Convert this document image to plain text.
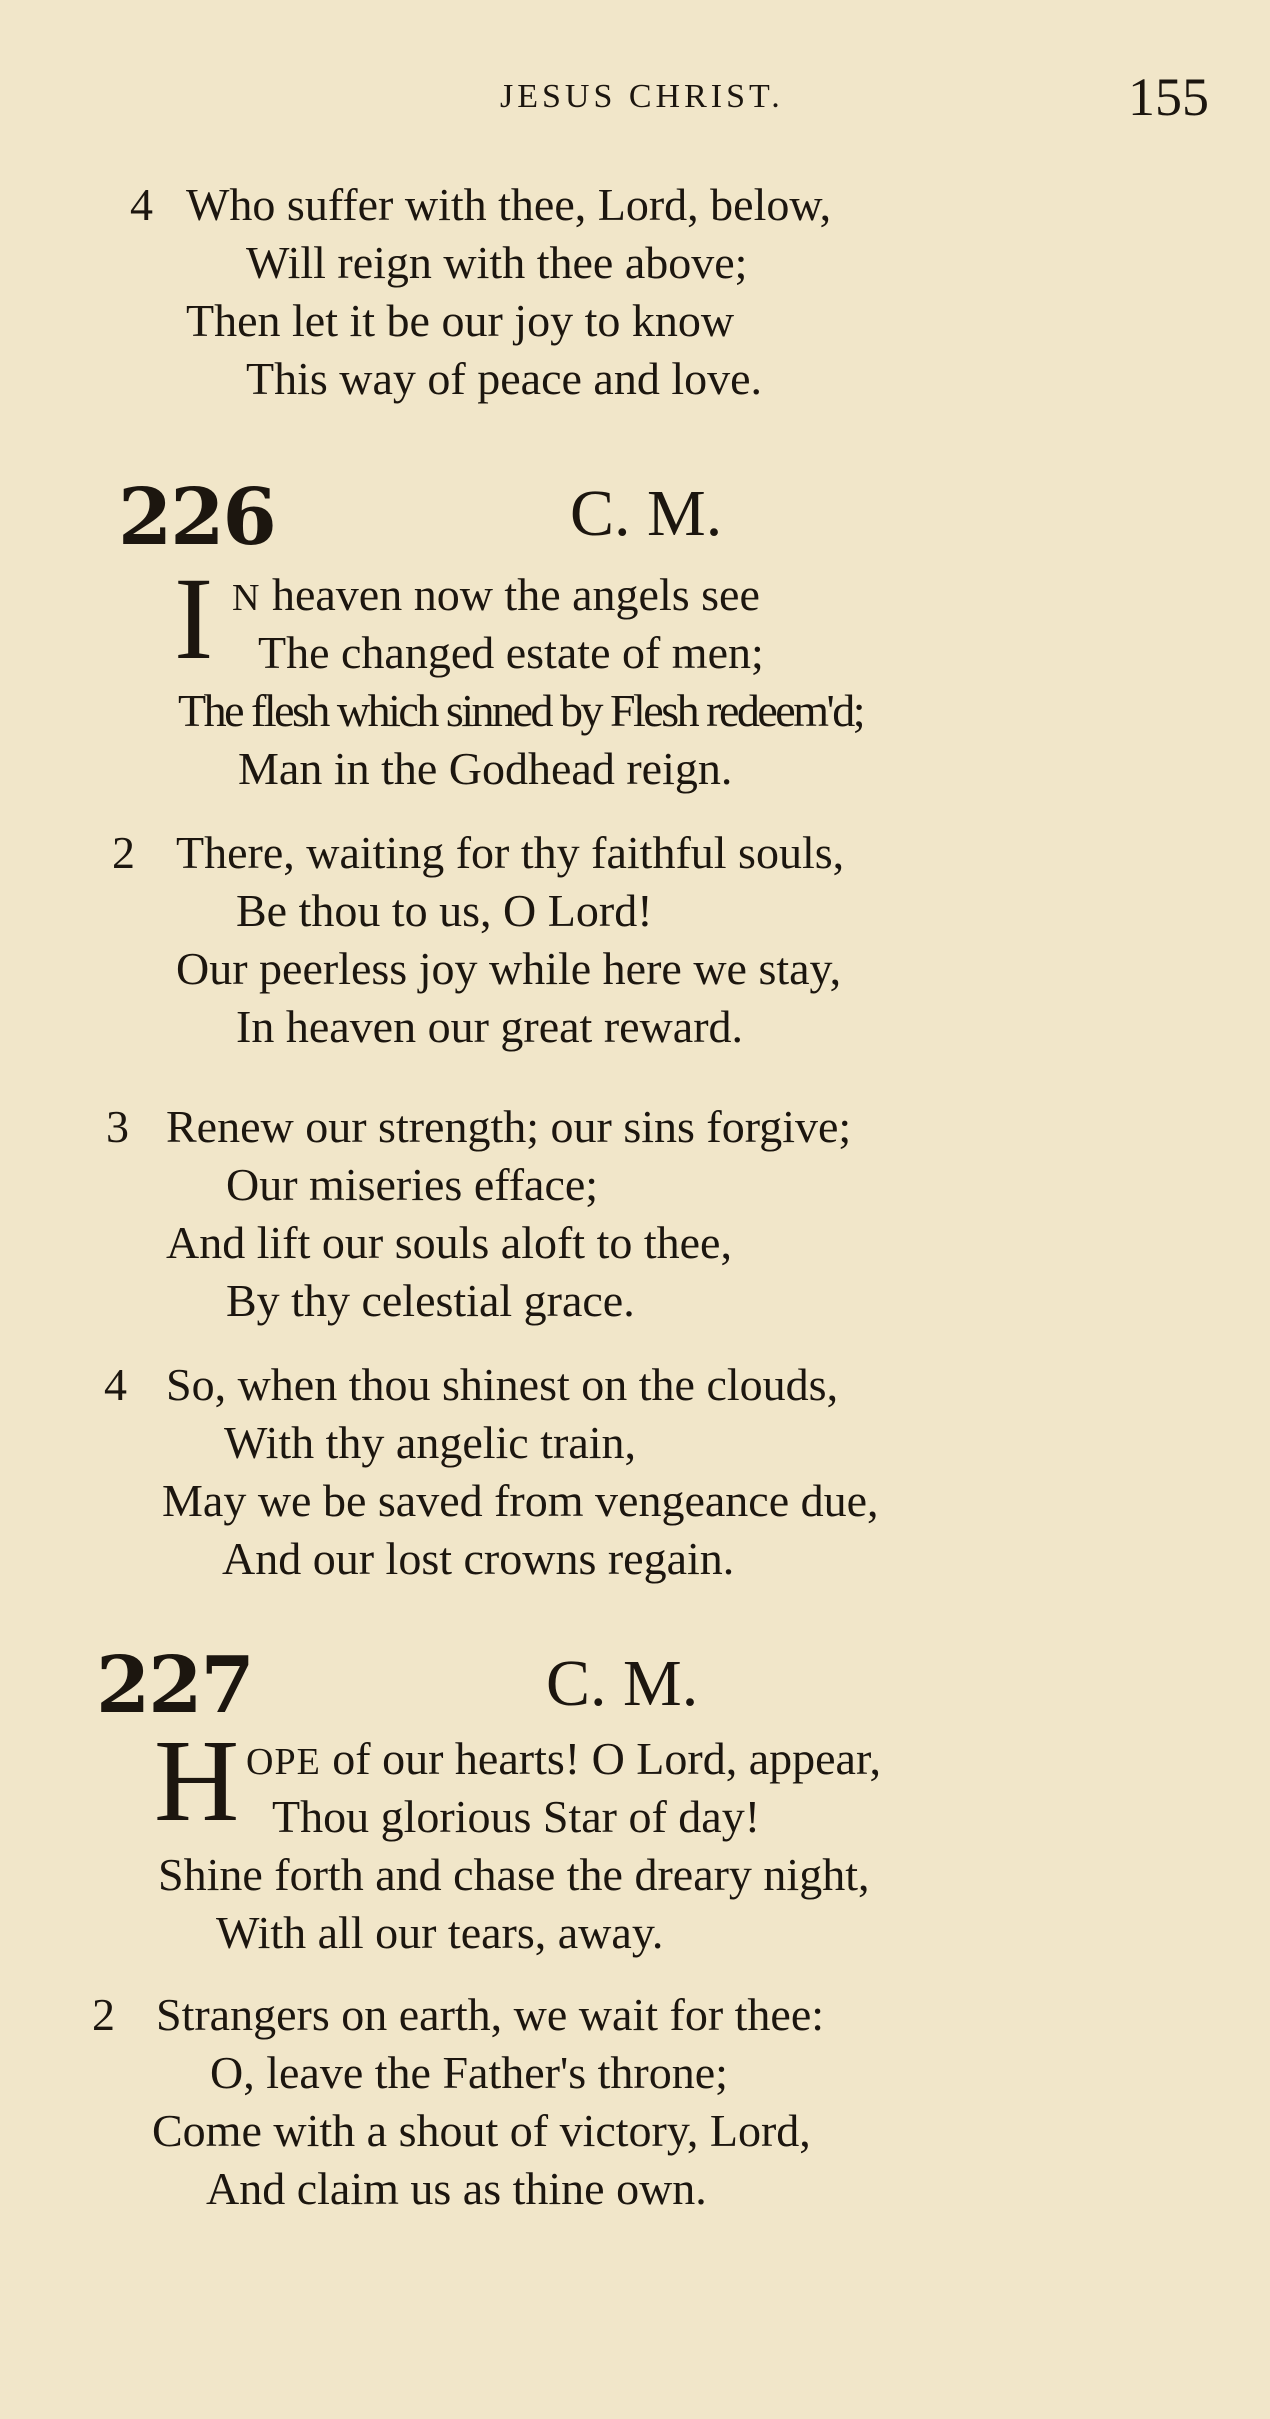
JESUS CHRIST.	155
4 Who suffer with thee, Lord, below,
Will reign with thee above;
Then let it be our joy to know
This way of peace and love.
226	C. M.
I N heaven now the angels see
The changed estate of men;
The flesh which sinned by Flesh redeem'd;
Man in the Godhead reign.
2 There, waiting for thy faithful souls,
Be thou to us, O Lord!
Our peerless joy while here we stay,
In heaven our great reward.
3 Renew our strength; our sins forgive;
Our miseries efface;
And lift our souls aloft to thee,
By thy celestial grace.
4 So, when thou shinest on the clouds,
With thy angelic train,
May we be saved from vengeance due,
And our lost crowns regain.
227	C. M.
H OPE of our hearts! O Lord, appear,
Thou glorious Star of day!
Shine forth and chase the dreary night,
With all our tears, away.
2 Strangers on earth, we wait for thee:
O, leave the Father's throne;
Come with a shout of victory, Lord,
And claim us as thine own.
